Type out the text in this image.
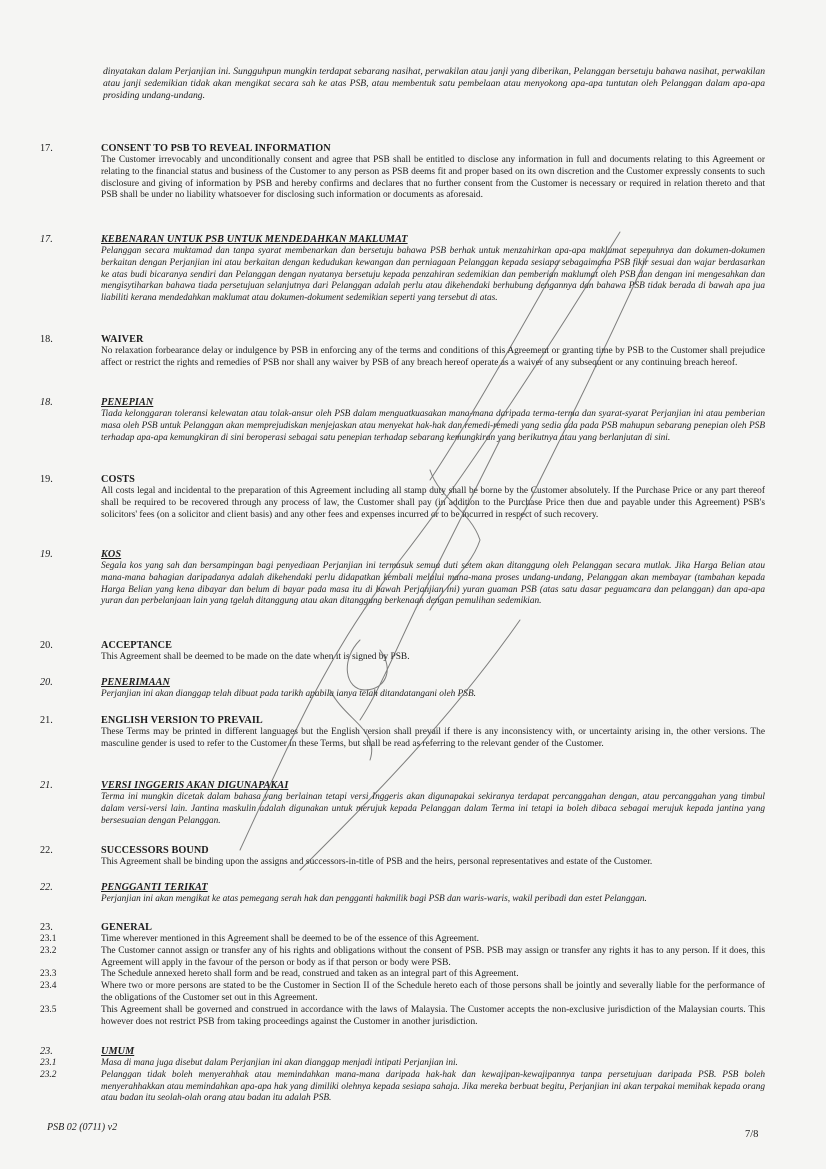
dinyatakan dalam Perjanjian ini. Sungguhpun mungkin terdapat sebarang nasihat, perwakilan atau janji yang diberikan, Pelanggan bersetuju bahawa nasihat, perwakilan atau janji sedemikian tidak akan mengikat secara sah ke atas PSB, atau membentuk satu pembelaan atau menyokong apa-apa tuntutan oleh Pelanggan dalam apa-apa prosiding undang-undang.
17.	CONSENT TO PSB TO REVEAL INFORMATION
The Customer irrevocably and unconditionally consent and agree that PSB shall be entitled to disclose any information in full and documents relating to this Agreement or relating to the financial status and business of the Customer to any person as PSB deems fit and proper based on its own discretion and the Customer expressly consents to such disclosure and giving of information by PSB and hereby confirms and declares that no further consent from the Customer is necessary or required in relation thereto and that PSB shall be under no liability whatsoever for disclosing such information or documents as aforesaid.
17.	KEBENARAN UNTUK PSB UNTUK MENDEDAHKAN MAKLUMAT
Pelanggan secara muktamad dan tanpa syarat membenarkan dan bersetuju bahawa PSB berhak untuk menzahirkan apa-apa maklumat sepenuhnya dan dokumen-dokumen berkaitan dengan Perjanjian ini atau berkaitan dengan kedudukan kewangan dan perniagaan Pelanggan kepada sesiapa sebagaimana PSB fikir sesuai dan wajar berdasarkan ke atas budi bicaranya sendiri dan Pelanggan dengan nyatanya bersetuju kepada penzahiran sedemikian dan pemberian maklumat oleh PSB dan dengan ini mengesahkan dan mengisytiharkan bahawa tiada persetujuan selanjutnya dari Pelanggan adalah perlu atau dikehendaki berhubung dengannya dan bahawa PSB tidak berada di bawah apa jua liabiliti kerana mendedahkan maklumat atau dokumen-dokument sedemikian seperti yang tersebut di atas.
18.	WAIVER
No relaxation forbearance delay or indulgence by PSB in enforcing any of the terms and conditions of this Agreement or granting time by PSB to the Customer shall prejudice affect or restrict the rights and remedies of PSB nor shall any waiver by PSB of any breach hereof operate as a waiver of any subsequent or any continuing breach hereof.
18.	PENEPIAN
Tiada kelonggaran toleransi kelewatan atau tolak-ansur oleh PSB dalam menguatkuasakan mana-mana daripada terma-terma dan syarat-syarat Perjanjian ini atau pemberian masa oleh PSB untuk Pelanggan akan memprejudiskan menjejaskan atau menyekat hak-hak dan remedi-remedi yang sedia ada pada PSB mahupun sebarang penepian oleh PSB terhadap apa-apa kemungkiran di sini beroperasi sebagai satu penepian terhadap sebarang kemungkiran yang berikutnya atau yang berlanjutan di sini.
19.	COSTS
All costs legal and incidental to the preparation of this Agreement including all stamp duty shall be borne by the Customer absolutely. If the Purchase Price or any part thereof shall be required to be recovered through any process of law, the Customer shall pay (in addition to the Purchase Price then due and payable under this Agreement) PSB's solicitors' fees (on a solicitor and client basis) and any other fees and expenses incurred or to be incurred in respect of such recovery.
19.	KOS
Segala kos yang sah dan bersampingan bagi penyediaan Perjanjian ini termasuk semua duti setem akan ditanggung oleh Pelanggan secara mutlak. Jika Harga Belian atau mana-mana bahagian daripadanya adalah dikehendaki perlu didapatkan kembali melalui mana-mana proses undang-undang, Pelanggan akan membayar (tambahan kepada Harga Belian yang kena dibayar dan belum di bayar pada masa itu di bawah Perjanjian ini) yuran guaman PSB (atas satu dasar peguamcara dan pelanggan) dan apa-apa yuran dan perbelanjaan lain yang tgelah ditanggung atau akan ditanggung berkenaan dengan pemulihan sedemikian.
20.	ACCEPTANCE
This Agreement shall be deemed to be made on the date when it is signed by PSB.
20.	PENERIMAAN
Perjanjian ini akan dianggap telah dibuat pada tarikh apabila ianya telah ditandatangani oleh PSB.
21.	ENGLISH VERSION TO PREVAIL
These Terms may be printed in different languages but the English version shall prevail if there is any inconsistency with, or uncertainty arising in, the other versions. The masculine gender is used to refer to the Customer in these Terms, but shall be read as referring to the relevant gender of the Customer.
21.	VERSI INGGERIS AKAN DIGUNAPAKAI
Terma ini mungkin dicetak dalam bahasa yang berlainan tetapi versi Inggeris akan digunapakai sekiranya terdapat percanggahan dengan, atau percanggahan yang timbul dalam versi-versi lain. Jantina maskulin adalah digunakan untuk merujuk kepada Pelanggan dalam Terma ini tetapi ia boleh dibaca sebagai merujuk kepada jantina yang bersesuaian dengan Pelanggan.
22.	SUCCESSORS BOUND
This Agreement shall be binding upon the assigns and successors-in-title of PSB and the heirs, personal representatives and estate of the Customer.
22.	PENGGANTI TERIKAT
Perjanjian ini akan mengikat ke atas pemegang serah hak dan pengganti hakmilik bagi PSB dan waris-waris, wakil peribadi dan estet Pelanggan.
23.	GENERAL
23.1	Time wherever mentioned in this Agreement shall be deemed to be of the essence of this Agreement.
23.2	The Customer cannot assign or transfer any of his rights and obligations without the consent of PSB. PSB may assign or transfer any rights it has to any person. If it does, this Agreement will apply in the favour of the person or body as if that person or body were PSB.
23.3	The Schedule annexed hereto shall form and be read, construed and taken as an integral part of this Agreement.
23.4	Where two or more persons are stated to be the Customer in Section II of the Schedule hereto each of those persons shall be jointly and severally liable for the performance of the obligations of the Customer set out in this Agreement.
23.5	This Agreement shall be governed and construed in accordance with the laws of Malaysia. The Customer accepts the non-exclusive jurisdiction of the Malaysian courts. This however does not restrict PSB from taking proceedings against the Customer in another jurisdiction.
23.	UMUM
23.1	Masa di mana juga disebut dalam Perjanjian ini akan dianggap menjadi intipati Perjanjian ini.
23.2	Pelanggan tidak boleh menyerahhak atau memindahkan mana-mana daripada hak-hak dan kewajipan-kewajipannya tanpa persetujuan daripada PSB. PSB boleh menyerahhakkan atau memindahkan apa-apa hak yang dimiliki olehnya kepada sesiapa sahaja. Jika mereka berbuat begitu, Perjanjian ini akan terpakai memihak kepada orang atau badan itu seolah-olah orang atau badan itu adalah PSB.
PSB 02 (0711) v2
7/8
